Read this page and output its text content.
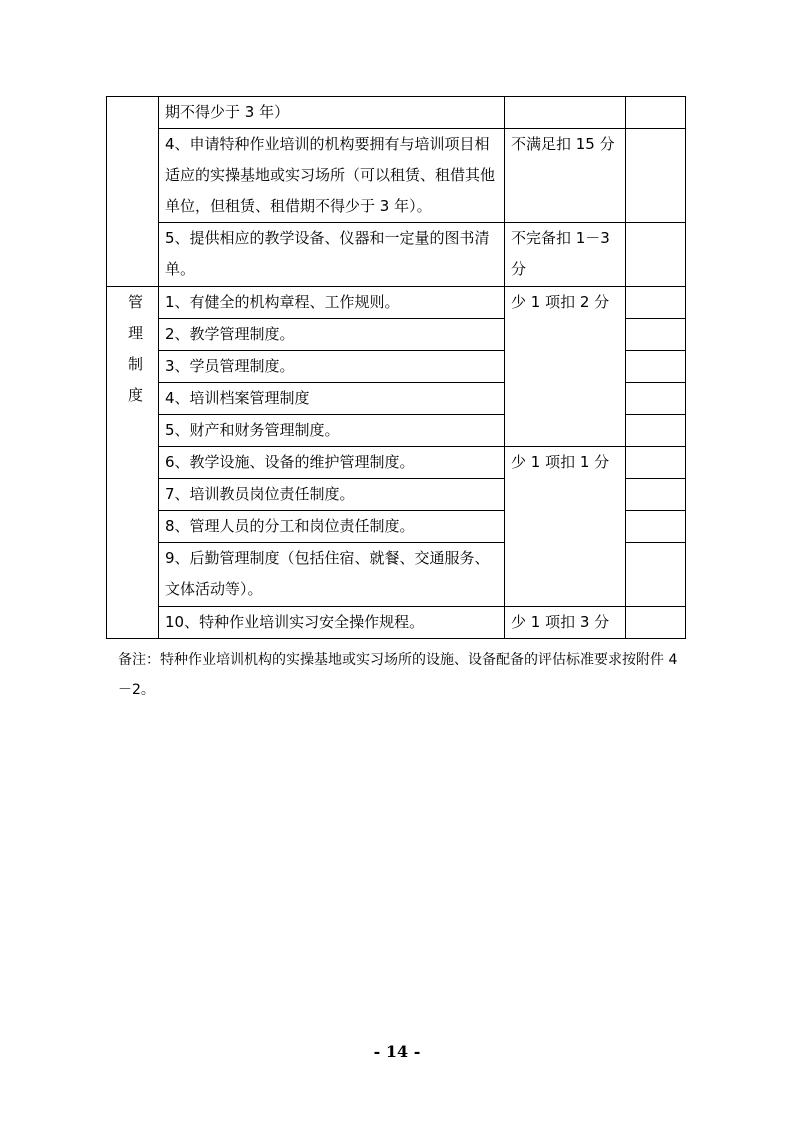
	期不得少于 3 年）		
	4、申请特种作业培训的机构要拥有与培训项目相适应的实操基地或实习场所（可以租赁、租借其他单位，但租赁、租借期不得少于 3 年）。	不满足扣 15 分	
	5、提供相应的教学设备、仪器和一定量的图书清单。	不完备扣 1－3 分	

管
理
制
度	1、有健全的机构章程、工作规则。	少 1 项扣 2 分	
	2、教学管理制度。		
	3、学员管理制度。		
	4、培训档案管理制度		
	5、财产和财务管理制度。		
	6、教学设施、设备的维护管理制度。	少 1 项扣 1 分	
	7、培训教员岗位责任制度。		
	8、管理人员的分工和岗位责任制度。		
	9、后勤管理制度（包括住宿、就餐、交通服务、文体活动等）。		
	10、特种作业培训实习安全操作规程。	少 1 项扣 3 分	
备注：特种作业培训机构的实操基地或实习场所的设施、设备配备的评估标准要求按附件 4－2。
- 14 -
